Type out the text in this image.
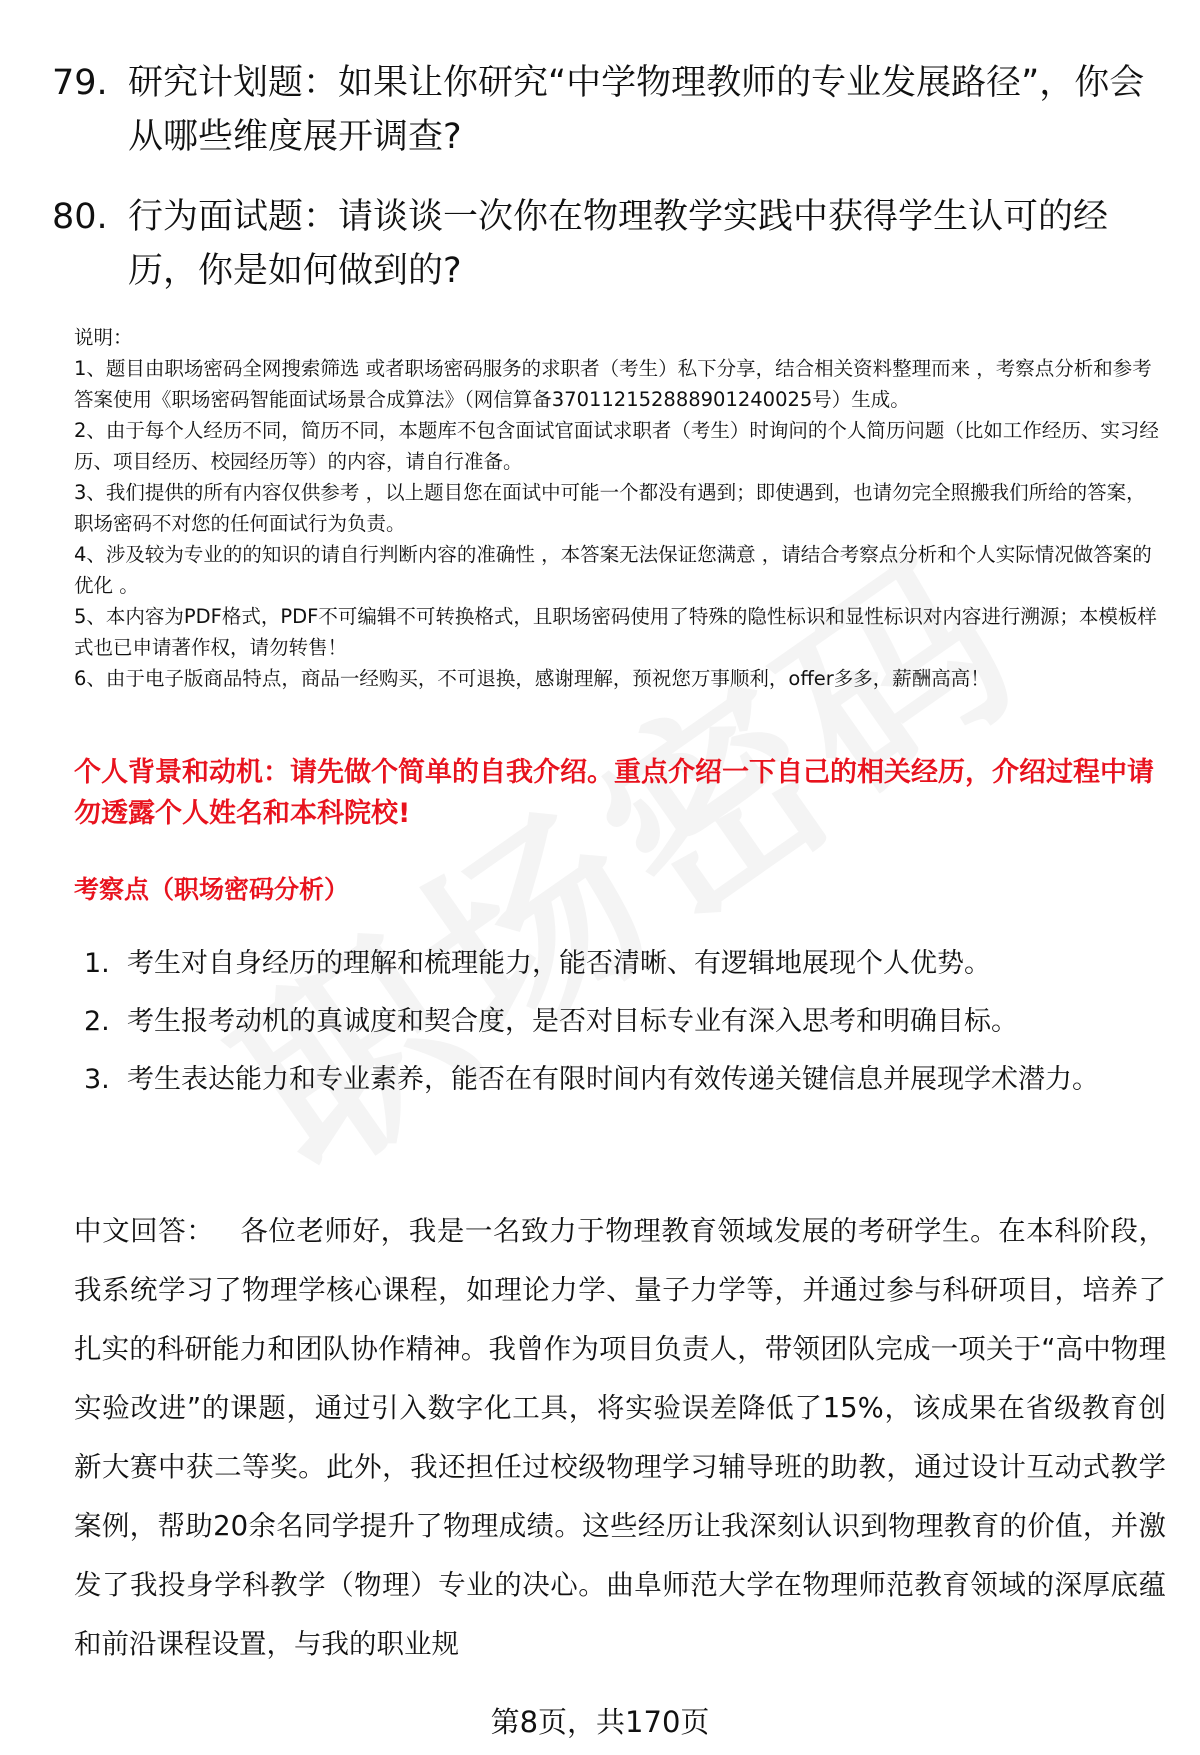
79. 研究计划题：如果让你研究“中学物理教师的专业发展路径”，你会从哪些维度展开调查?
80. 行为面试题：请谈谈一次你在物理教学实践中获得学生认可的经历，你是如何做到的?

说明：

1、题目由职场密码全网搜索筛选 或者职场密码服务的求职者（考生）私下分享，结合相关资料整理而来 ，考察点分析和参考答案使用《职场密码智能面试场景合成算法》（网信算备370112152888901240025号）生成。

2、由于每个人经历不同，简历不同，本题库不包含面试官面试求职者（考生）时询问的个人简历问题（比如工作经历、实习经历、项目经历、校园经历等）的内容，请自行准备。

3、我们提供的所有内容仅供参考 ，以上题目您在面试中可能一个都没有遇到；即使遇到，也请勿完全照搬我们所给的答案，职场密码不对您的任何面试行为负责。

4、涉及较为专业的的知识的请自行判断内容的准确性 ，本答案无法保证您满意 ，请结合考察点分析和个人实际情况做答案的优化 。

5、本内容为PDF格式，PDF不可编辑不可转换格式，且职场密码使用了特殊的隐性标识和显性标识对内容进行溯源；本模板样式也已申请著作权，请勿转售！

6、由于电子版商品特点，商品一经购买，不可退换，感谢理解，预祝您万事顺利，offer多多，薪酬高高！

个人背景和动机：请先做个简单的自我介绍。重点介绍一下自己的相关经历，介绍过程中请勿透露个人姓名和本科院校!
考察点（职场密码分析）
1. 考生对自身经历的理解和梳理能力，能否清晰、有逻辑地展现个人优势。
2. 考生报考动机的真诚度和契合度，是否对目标专业有深入思考和明确目标。
3. 考生表达能力和专业素养，能否在有限时间内有效传递关键信息并展现学术潜力。
中文回答： 各位老师好，我是一名致力于物理教育领域发展的考研学生。在本科阶段，我系统学习了物理学核心课程，如理论力学、量子力学等，并通过参与科研项目，培养了扎实的科研能力和团队协作精神。我曾作为项目负责人，带领团队完成一项关于“高中物理实验改进”的课题，通过引入数字化工具，将实验误差降低了15%，该成果在省级教育创新大赛中获二等奖。此外，我还担任过校级物理学习辅导班的助教，通过设计互动式教学案例，帮助20余名同学提升了物理成绩。这些经历让我深刻认识到物理教育的价值，并激发了我投身学科教学（物理）专业的决心。曲阜师范大学在物理师范教育领域的深厚底蕴和前沿课程设置，与我的职业规
第8页，共170页
